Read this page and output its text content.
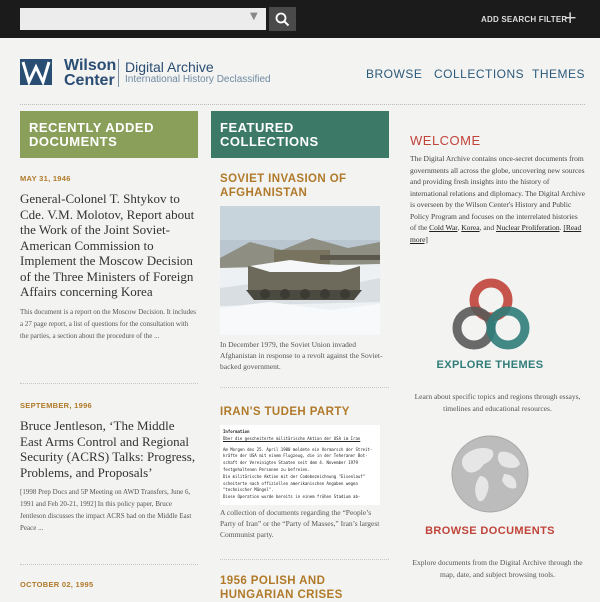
▼	ADD SEARCH FILTER
+
Wilson
Center
Digital Archive
International History Declassified	BROWSE COLLECTIONS THEMES
RECENTLY ADDED DOCUMENTS
MAY 31, 1946
General-Colonel T. Shtykov to Cde. V.M. Molotov, Report about the Work of the Joint Soviet-American Commission to Implement the Moscow Decision of the Three Ministers of Foreign Affairs concerning Korea
This document is a report on the Moscow Decision. It includes a 27 page report, a list of questions for the consultation with the parties, a section about the procedure of the ...
SEPTEMBER, 1996
Bruce Jentleson, ‘The Middle East Arms Control and Regional Security (ACRS) Talks: Progress, Problems, and Proposals’
[1998 Prep Docs and 5P Meeting on AWD Transfers, June 6, 1991 and Feb 20-21, 1992] In this policy paper, Bruce Jentleson discusses the impact ACRS had on the Middle East Peace ...
OCTOBER 02, 1995
FEATURED COLLECTIONS
SOVIET INVASION OF AFGHANISTAN
In December 1979, the Soviet Union invaded Afghanistan in response to a revolt against the Soviet-backed government.
IRAN'S TUDEH PARTY
Information
Über die gescheiterte militärische Aktion der USA im Iran
Am Morgen des 25. April 1980 meldete ein Vormarsch der Streit-
kräfte der USA mit einem Flugzeug, die in der Teheraner Bot-
schaft der Vereinigten Staaten seit dem 4. November 1979
festgehaltenen Personen zu befreien.
Die militärische Aktion mit der Codebezeichnung "Eisenlauf"
scheiterte nach offiziellen amerikanischen Angaben wegen
"technischer Mängel".
Diese Operation wurde bereits in einem frühen Stadium ab-
A collection of documents regarding the “People’s Party of Iran” or the “Party of Masses,” Iran’s largest Communist party.
1956 POLISH AND HUNGARIAN CRISES
WELCOME
The Digital Archive contains once-secret documents from governments all across the globe, uncovering new sources and providing fresh insights into the history of international relations and diplomacy. The Digital Archive is overseen by the Wilson Center's History and Public Policy Program and focuses on the interrelated histories of the Cold War, Korea, and Nuclear Proliferation. [Read more]
EXPLORE THEMES
Learn about specific topics and regions through essays, timelines and educational resources.
BROWSE DOCUMENTS
Explore documents from the Digital Archive through the map, date, and subject browsing tools.
